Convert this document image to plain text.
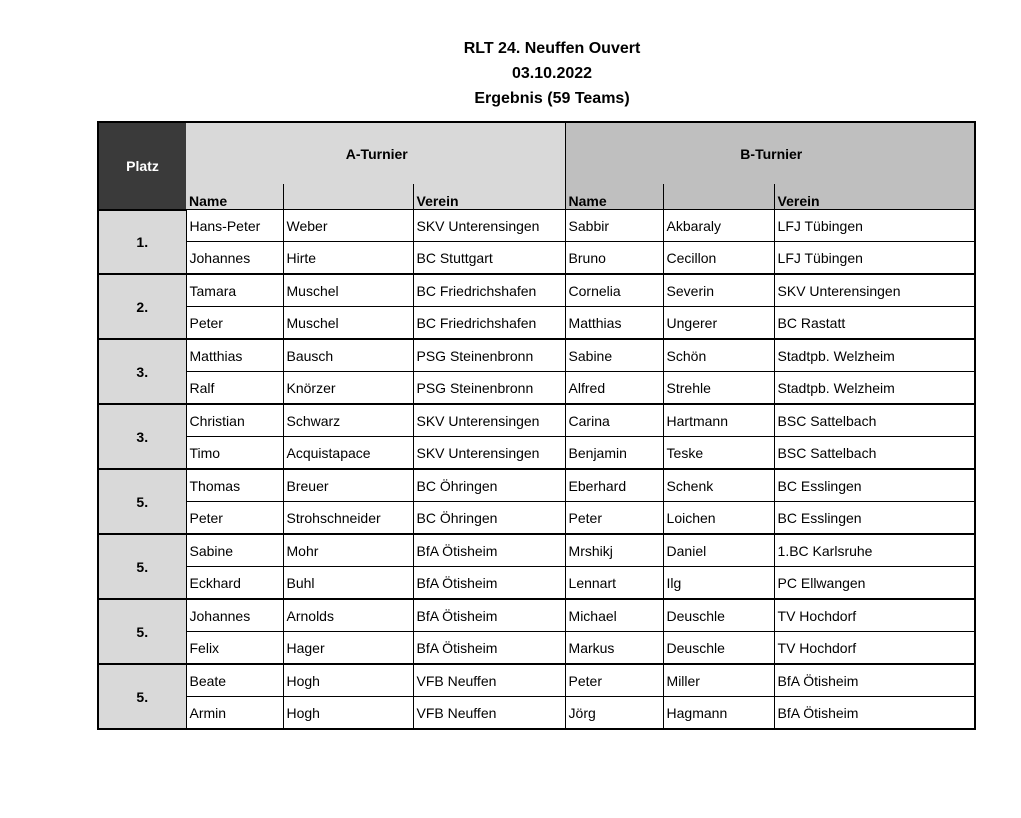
RLT 24. Neuffen Ouvert
03.10.2022
Ergebnis (59 Teams)
Platz	A-Turnier			B-Turnier		
	Name		Verein	Name		Verein
1.	Hans-Peter	Weber	SKV Unterensingen	Sabbir	Akbaraly	LFJ Tübingen
	Johannes	Hirte	BC Stuttgart	Bruno	Cecillon	LFJ Tübingen
2.	Tamara	Muschel	BC Friedrichshafen	Cornelia	Severin	SKV Unterensingen
	Peter	Muschel	BC Friedrichshafen	Matthias	Ungerer	BC Rastatt
3.	Matthias	Bausch	PSG Steinenbronn	Sabine	Schön	Stadtpb. Welzheim
	Ralf	Knörzer	PSG Steinenbronn	Alfred	Strehle	Stadtpb. Welzheim
3.	Christian	Schwarz	SKV Unterensingen	Carina	Hartmann	BSC Sattelbach
	Timo	Acquistapace	SKV Unterensingen	Benjamin	Teske	BSC Sattelbach
5.	Thomas	Breuer	BC Öhringen	Eberhard	Schenk	BC Esslingen
	Peter	Strohschneider	BC Öhringen	Peter	Loichen	BC Esslingen
5.	Sabine	Mohr	BfA Ötisheim	Mrshikj	Daniel	1.BC Karlsruhe
	Eckhard	Buhl	BfA Ötisheim	Lennart	Ilg	PC Ellwangen
5.	Johannes	Arnolds	BfA Ötisheim	Michael	Deuschle	TV Hochdorf
	Felix	Hager	BfA Ötisheim	Markus	Deuschle	TV Hochdorf
5.	Beate	Hogh	VFB Neuffen	Peter	Miller	BfA Ötisheim
	Armin	Hogh	VFB Neuffen	Jörg	Hagmann	BfA Ötisheim
